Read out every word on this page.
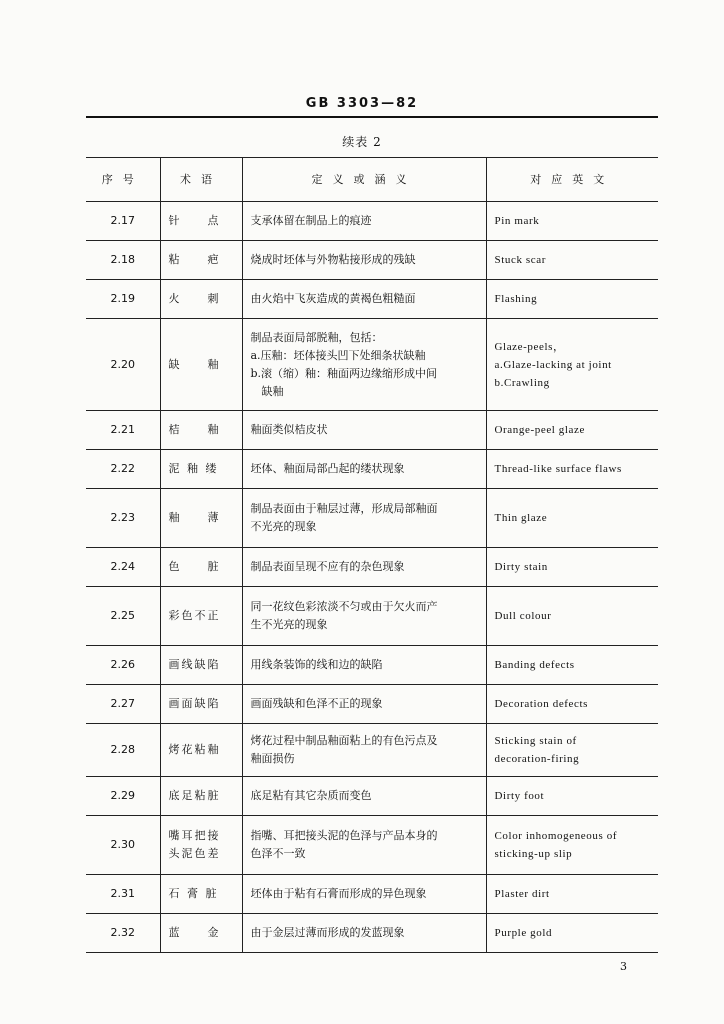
GB 3303—82
续表 2
序号	术语	定义或涵义	对应英文
2.17	针　　点	支承体留在制品上的痕迹	Pin mark

2.18	粘　　疤	烧成时坯体与外物粘接形成的残缺	Stuck scar

2.19	火　　刺	由火焰中飞灰造成的黄褐色粗糙面	Flashing

2.20	缺　　釉	制品表面局部脱釉，包括：
a.压釉：坯体接头凹下处细条状缺釉
b.滚（缩）釉：釉面两边缘缩形成中间
　缺釉	Glaze-peels，
a.Glaze-lacking at joint
b.Crawling

2.21	桔　　釉	釉面类似桔皮状	Orange-peel glaze

2.22	泥 釉 缕	坯体、釉面局部凸起的缕状现象	Thread-like surface flaws

2.23	釉　　薄	制品表面由于釉层过薄，形成局部釉面
不光亮的现象	Thin glaze

2.24	色　　脏	制品表面呈现不应有的杂色现象	Dirty stain

2.25	彩色不正	同一花纹色彩浓淡不匀或由于欠火而产
生不光亮的现象	Dull colour

2.26	画线缺陷	用线条装饰的线和边的缺陷	Banding defects

2.27	画面缺陷	画面残缺和色泽不正的现象	Decoration defects

2.28	烤花粘釉	烤花过程中制品釉面粘上的有色污点及
釉面损伤	Sticking stain of
decoration-firing

2.29	底足粘脏	底足粘有其它杂质而变色	Dirty foot

2.30	嘴耳把接
头泥色差	指嘴、耳把接头泥的色泽与产品本身的
色泽不一致	Color inhomogeneous of
sticking-up slip

2.31	石 膏 脏	坯体由于粘有石膏而形成的异色现象	Plaster dirt

2.32	蓝　　金	由于金层过薄而形成的发蓝现象	Purple gold
3
